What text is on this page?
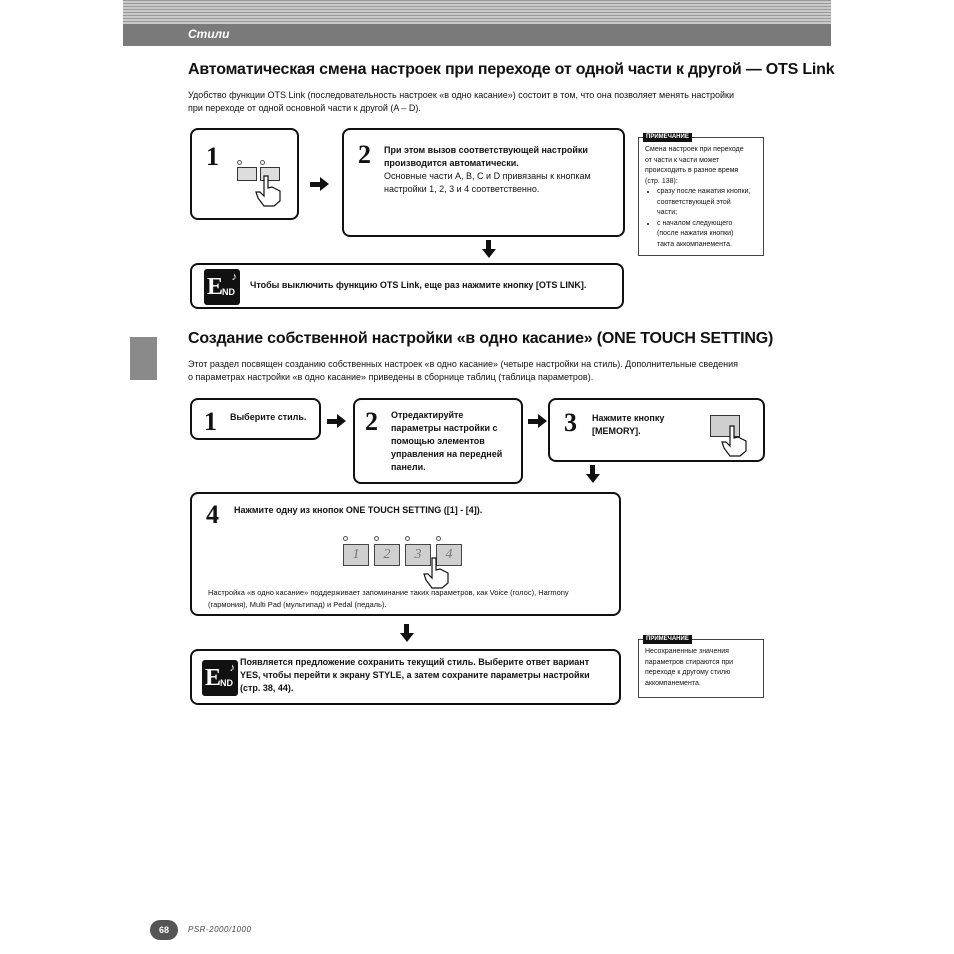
Стили
Автоматическая смена настроек при переходе от одной части к другой — OTS Link
Удобство функции OTS Link (последовательность настроек «в одно касание») состоит в том, что она позволяет менять настройки
при переходе от одной основной части к другой (A – D).
1	2 При этом вызов соответствующей настройки
производится автоматически.
Основные части A, B, C и D привязаны к кнопкам
настройки 1, 2, 3 и 4 соответственно.
ПРИМЕЧАНИЕ
Смена настроек при переходе
от части к части может
происходить в разное время
(стр. 138):
• сразу после нажатия кнопки,
соответствующей этой
части;
• с началом следующего
(после нажатия кнопки)
такта аккомпанемента.
E
ND
♪
Чтобы выключить функцию OTS Link, еще раз нажмите кнопку [OTS LINK].
Создание собственной настройки «в одно касание» (ONE TOUCH SETTING)
Этот раздел посвящен созданию собственных настроек «в одно касание» (четыре настройки на стиль). Дополнительные сведения
о параметрах настройки «в одно касание» приведены в сборнице таблиц (таблица параметров).
1 Выберите стиль. 2 Отредактируйте
параметры настройки с
помощью элементов
управления на передней
панели.
3 Нажмите кнопку
[MEMORY].
4 Нажмите одну из кнопок ONE TOUCH SETTING ([1] - [4]).
1	2	3	4
Настройка «в одно касание» поддерживает запоминание таких параметров, как Voice (голос), Harmony
(гармония), Multi Pad (мультипад) и Pedal (педаль).
ПРИМЕЧАНИЕ
Несохраненные значения
параметров стираются при
переходе к другому стилю
аккомпанемента.
E
ND
♪ Появляется предложение сохранить текущий стиль. Выберите ответ вариант
YES, чтобы перейти к экрану STYLE, а затем сохраните параметры настройки
(стр. 38, 44).
68	PSR-2000/1000
